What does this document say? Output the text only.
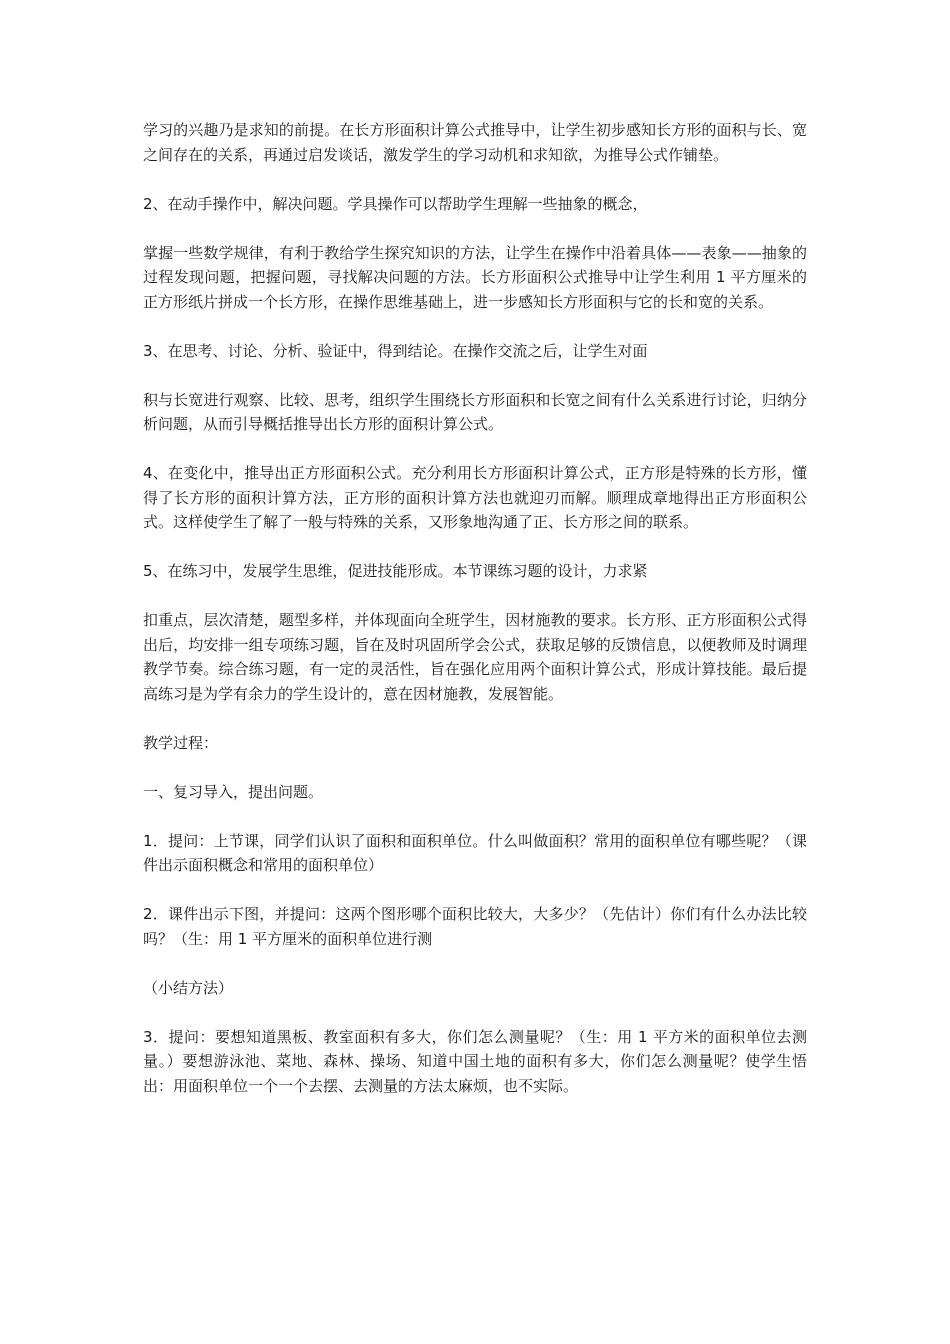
学习的兴趣乃是求知的前提。在长方形面积计算公式推导中，让学生初步感知长方形的面积与长、宽之间存在的关系，再通过启发谈话，激发学生的学习动机和求知欲，为推导公式作铺垫。

2、在动手操作中，解决问题。学具操作可以帮助学生理解一些抽象的概念，

掌握一些数学规律，有利于教给学生探究知识的方法，让学生在操作中沿着具体——表象——抽象的过程发现问题，把握问题，寻找解决问题的方法。长方形面积公式推导中让学生利用 1 平方厘米的正方形纸片拼成一个长方形，在操作思维基础上，进一步感知长方形面积与它的长和宽的关系。

3、在思考、讨论、分析、验证中，得到结论。在操作交流之后，让学生对面

积与长宽进行观察、比较、思考，组织学生围绕长方形面积和长宽之间有什么关系进行讨论，归纳分析问题，从而引导概括推导出长方形的面积计算公式。

4、在变化中，推导出正方形面积公式。充分利用长方形面积计算公式，正方形是特殊的长方形，懂得了长方形的面积计算方法，正方形的面积计算方法也就迎刃而解。顺理成章地得出正方形面积公式。这样使学生了解了一般与特殊的关系，又形象地沟通了正、长方形之间的联系。

5、在练习中，发展学生思维，促进技能形成。本节课练习题的设计，力求紧

扣重点，层次清楚，题型多样，并体现面向全班学生，因材施教的要求。长方形、正方形面积公式得出后，均安排一组专项练习题，旨在及时巩固所学会公式，获取足够的反馈信息，以便教师及时调理教学节奏。综合练习题，有一定的灵活性，旨在强化应用两个面积计算公式，形成计算技能。最后提高练习是为学有余力的学生设计的，意在因材施教，发展智能。

教学过程：

一、复习导入，提出问题。

1．提问：上节课，同学们认识了面积和面积单位。什么叫做面积？常用的面积单位有哪些呢？（课件出示面积概念和常用的面积单位）

2．课件出示下图，并提问：这两个图形哪个面积比较大，大多少？（先估计）你们有什么办法比较吗？（生：用 1 平方厘米的面积单位进行测

（小结方法）

3．提问：要想知道黑板、教室面积有多大，你们怎么测量呢？（生：用 1 平方米的面积单位去测量。）要想游泳池、菜地、森林、操场、知道中国土地的面积有多大，你们怎么测量呢？使学生悟出：用面积单位一个一个去摆、去测量的方法太麻烦，也不实际。
